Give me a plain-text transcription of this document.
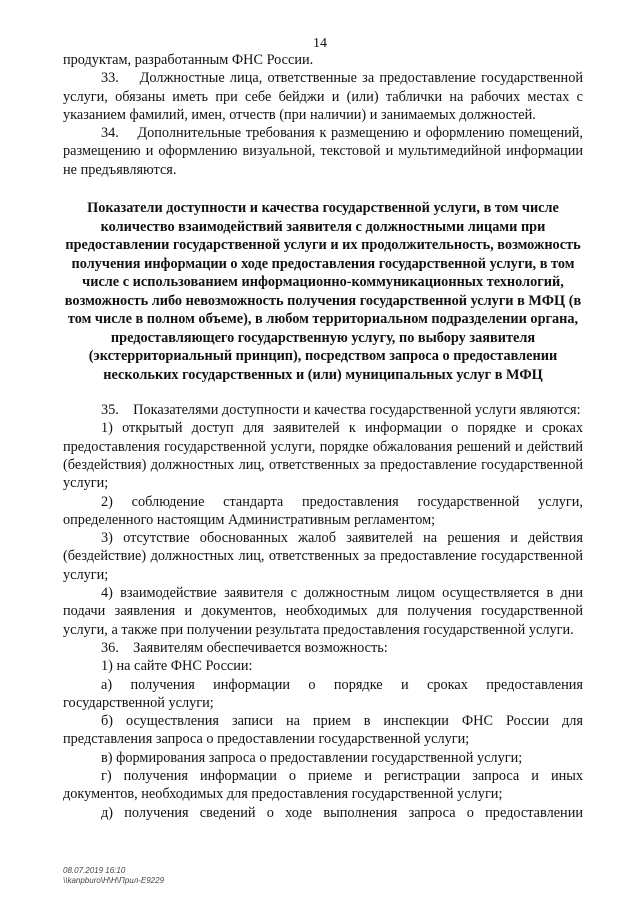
14

продуктам, разработанным ФНС России.

33.    Должностные лица, ответственные за предоставление государственной услуги, обязаны иметь при себе бейджи и (или) таблички на рабочих местах с указанием фамилий, имен, отчеств (при наличии) и занимаемых должностей.

34.    Дополнительные требования к размещению и оформлению помещений, размещению и оформлению визуальной, текстовой и мультимедийной информации не предъявляются.

Показатели доступности и качества государственной услуги, в том числе количество взаимодействий заявителя с должностными лицами при предоставлении государственной услуги и их продолжительность, возможность получения информации о ходе предоставления государственной услуги, в том числе с использованием информационно-коммуникационных технологий, возможность либо невозможность получения государственной услуги в МФЦ (в том числе в полном объеме), в любом территориальном подразделении органа, предоставляющего государственную услугу, по выбору заявителя (экстерриториальный принцип), посредством запроса о предоставлении нескольких государственных и (или) муниципальных услуг в МФЦ

35.    Показателями доступности и качества государственной услуги являются:

1) открытый доступ для заявителей к информации о порядке и сроках предоставления государственной услуги, порядке обжалования решений и действий (бездействия) должностных лиц, ответственных за предоставление государственной услуги;

2) соблюдение стандарта предоставления государственной услуги, определенного настоящим Административным регламентом;

3) отсутствие обоснованных жалоб заявителей на решения и действия (бездействие) должностных лиц, ответственных за предоставление государственной услуги;

4) взаимодействие заявителя с должностным лицом осуществляется в дни подачи заявления и документов, необходимых для получения государственной услуги, а также при получении результата предоставления государственной услуги.

36.    Заявителям обеспечивается возможность:

1) на сайте ФНС России:

а) получения информации о порядке и сроках предоставления государственной услуги;

б) осуществления записи на прием в инспекции ФНС России для представления запроса о предоставлении государственной услуги;

в) формирования запроса о предоставлении государственной услуги;

г) получения информации о приеме и регистрации запроса и иных документов, необходимых для предоставления государственной услуги;

д) получения сведений о ходе выполнения запроса о предоставлении

08.07.2019 16:10
\\kanpburo\Н\Н\Прил-Е9229
